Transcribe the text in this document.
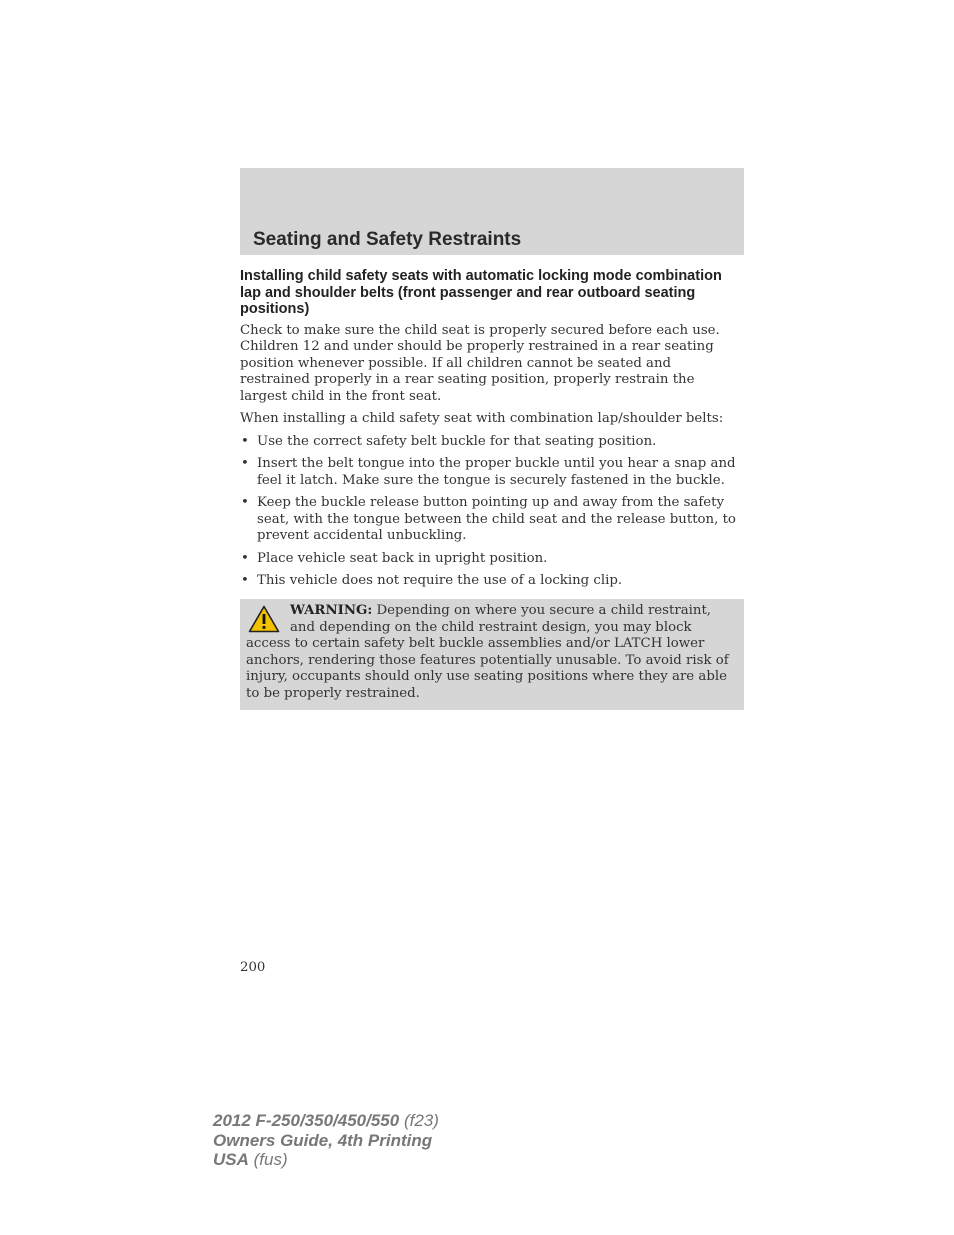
Seating and Safety Restraints

Installing child safety seats with automatic locking mode combination lap and shoulder belts (front passenger and rear outboard seating positions)

Check to make sure the child seat is properly secured before each use. Children 12 and under should be properly restrained in a rear seating position whenever possible. If all children cannot be seated and restrained properly in a rear seating position, properly restrain the largest child in the front seat.

When installing a child safety seat with combination lap/shoulder belts:

• Use the correct safety belt buckle for that seating position.
• Insert the belt tongue into the proper buckle until you hear a snap and feel it latch. Make sure the tongue is securely fastened in the buckle.
• Keep the buckle release button pointing up and away from the safety seat, with the tongue between the child seat and the release button, to prevent accidental unbuckling.
• Place vehicle seat back in upright position.
• This vehicle does not require the use of a locking clip.

WARNING: Depending on where you secure a child restraint, and depending on the child restraint design, you may block access to certain safety belt buckle assemblies and/or LATCH lower anchors, rendering those features potentially unusable. To avoid risk of injury, occupants should only use seating positions where they are able to be properly restrained.

200
2012 F-250/350/450/550 (f23)
Owners Guide, 4th Printing
USA (fus)
